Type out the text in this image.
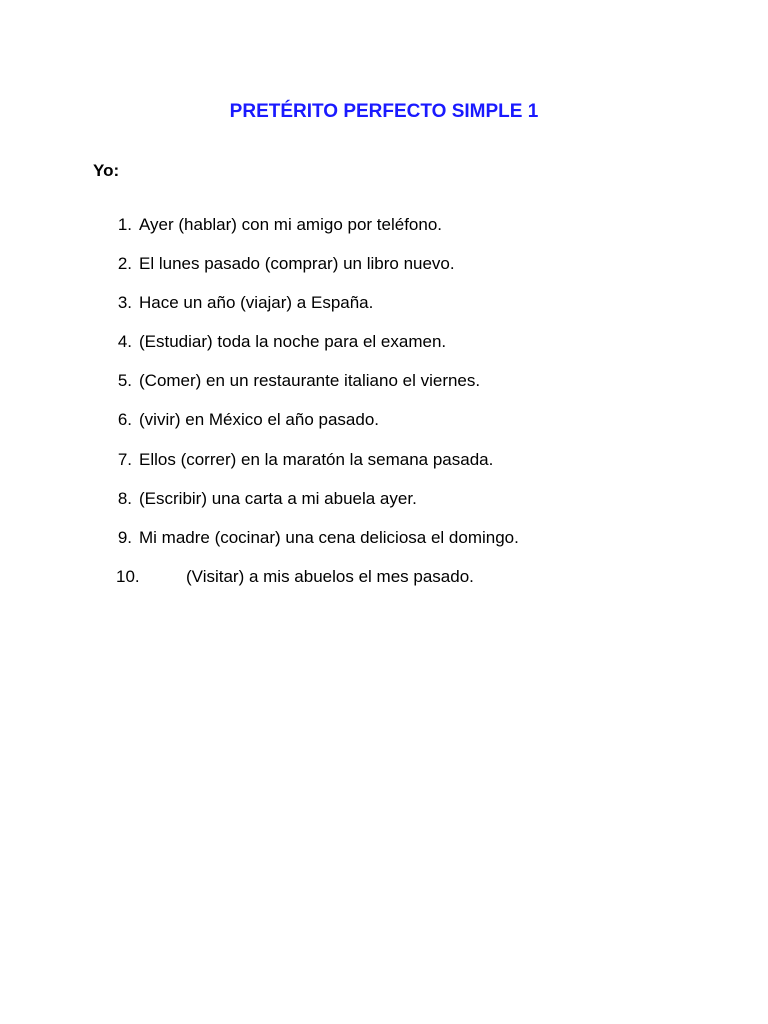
PRETÉRITO PERFECTO SIMPLE 1
Yo:
1. Ayer (hablar) con mi amigo por teléfono.
2. El lunes pasado (comprar) un libro nuevo.
3. Hace un año (viajar) a España.
4. (Estudiar) toda la noche para el examen.
5. (Comer) en un restaurante italiano el viernes.
6. (vivir) en México el año pasado.
7. Ellos (correr) en la maratón la semana pasada.
8. (Escribir) una carta a mi abuela ayer.
9. Mi madre (cocinar) una cena deliciosa el domingo.
10.	(Visitar) a mis abuelos el mes pasado.
